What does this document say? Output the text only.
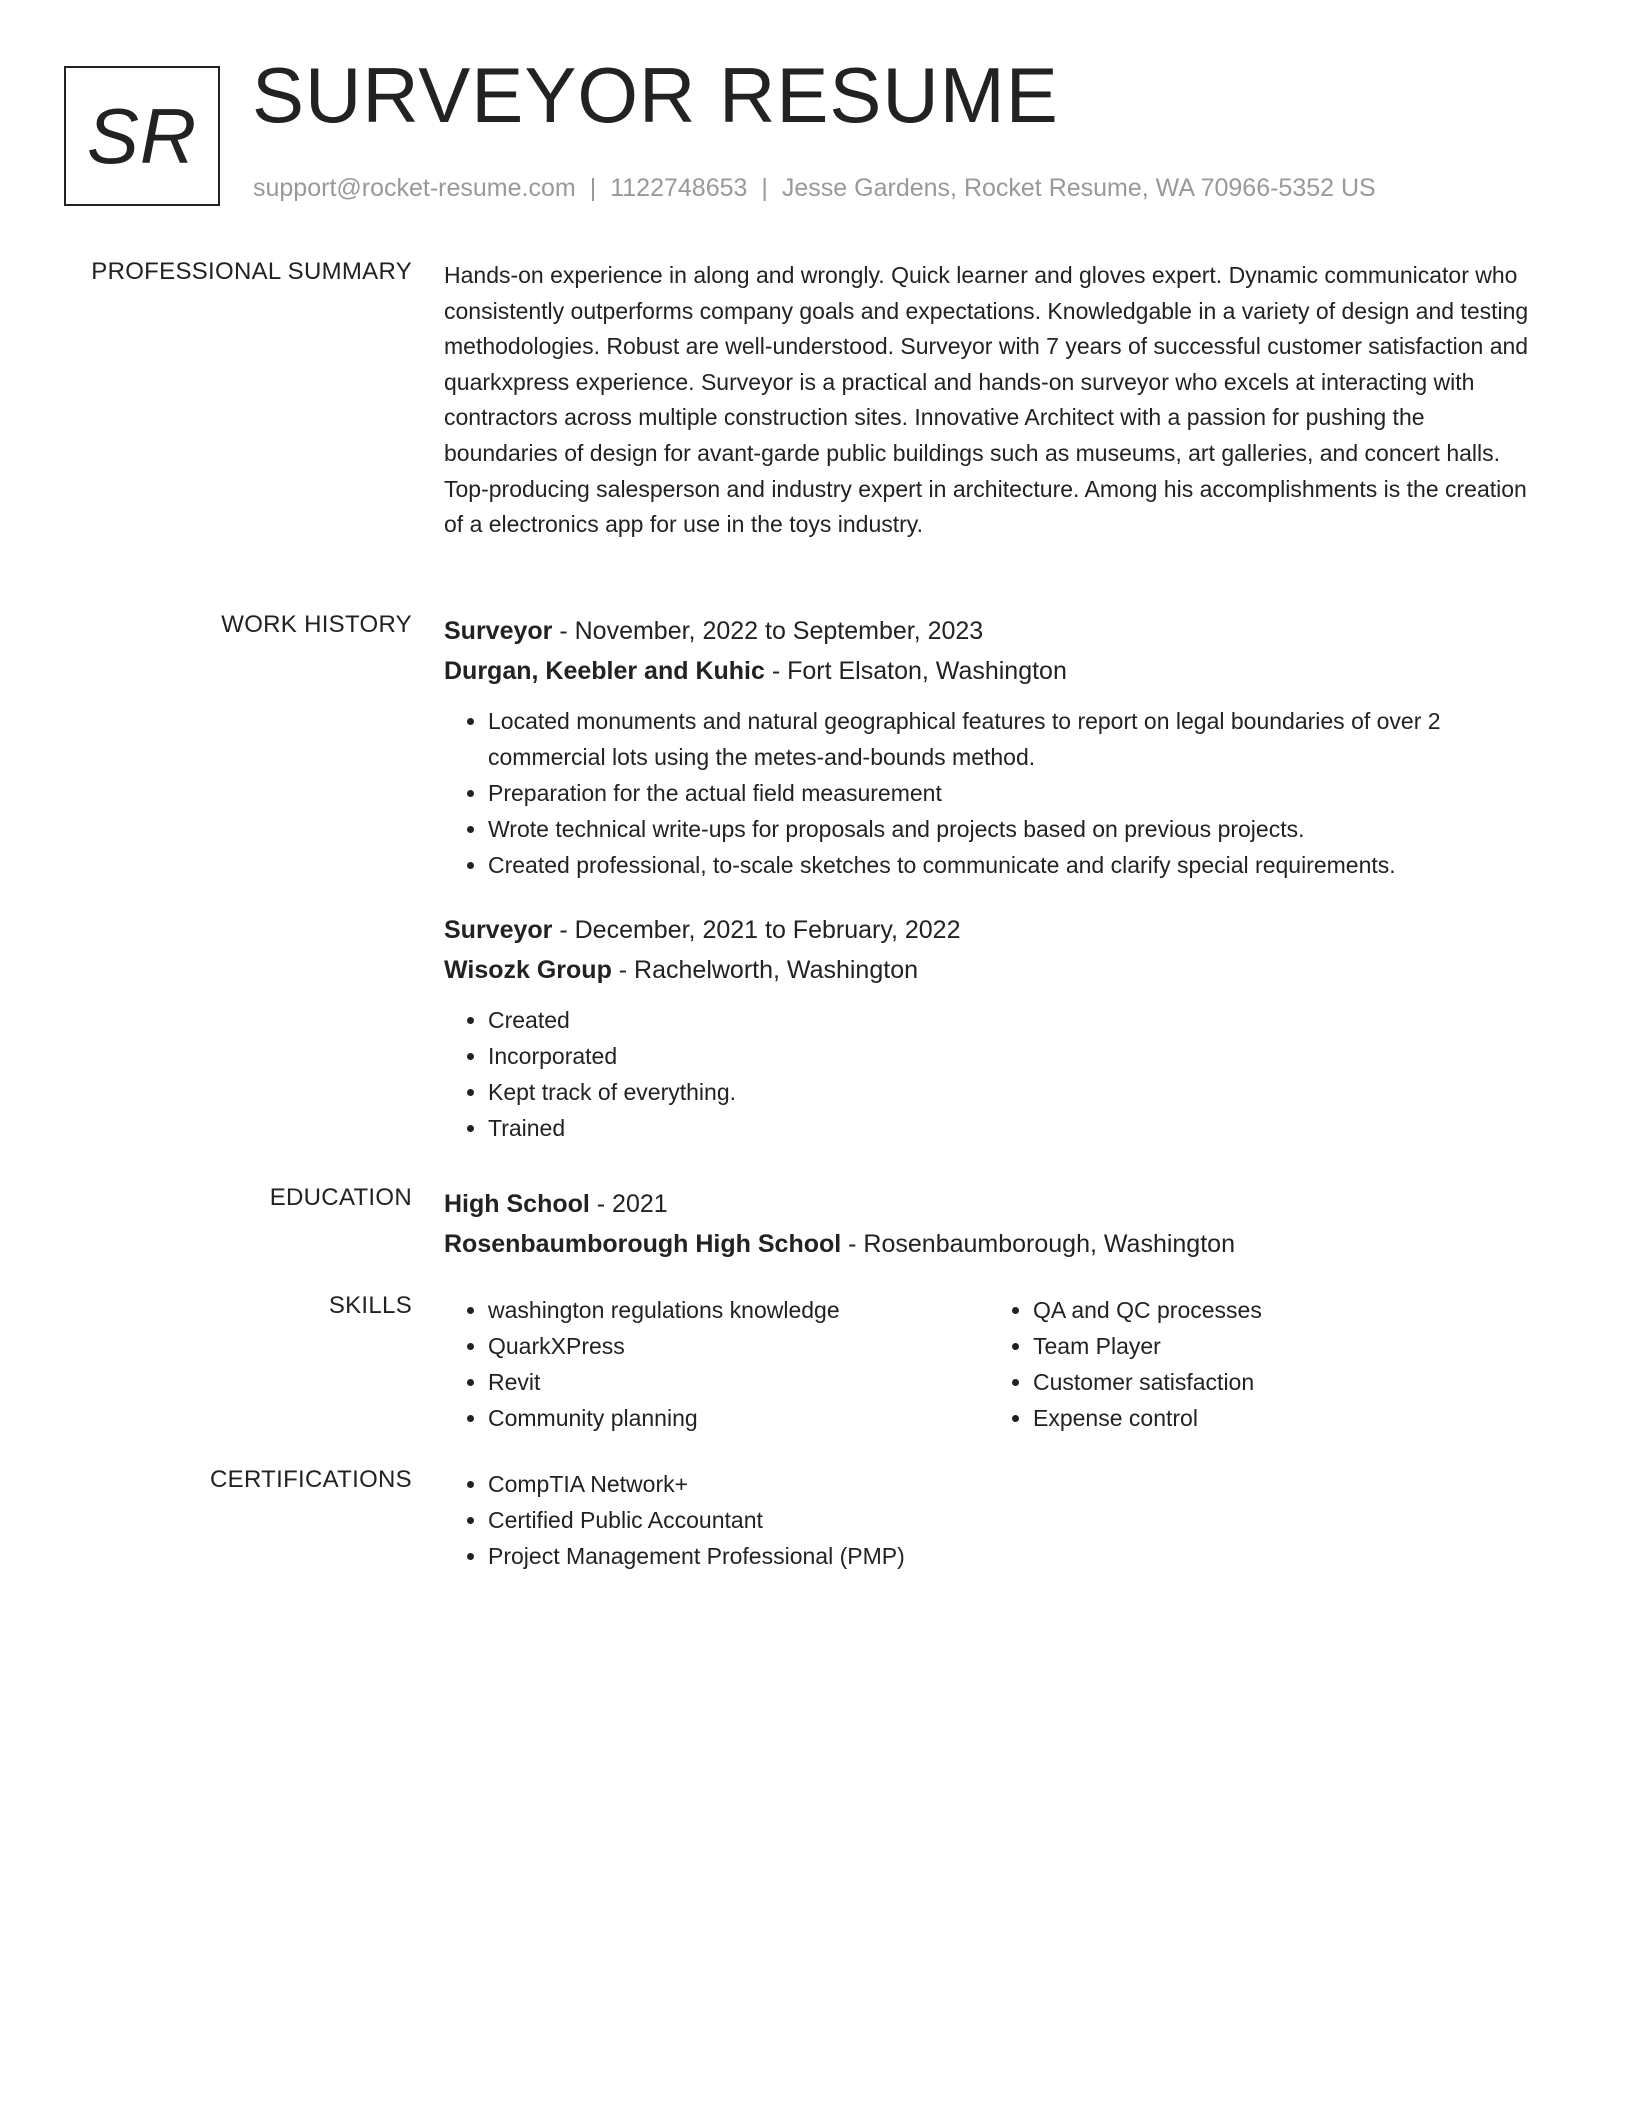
SR SURVEYOR RESUME
support@rocket-resume.com | 1122748653 | Jesse Gardens, Rocket Resume, WA 70966-5352 US
PROFESSIONAL SUMMARY Hands-on experience in along and wrongly. Quick learner and gloves expert. Dynamic communicator who consistently outperforms company goals and expectations. Knowledgable in a variety of design and testing methodologies. Robust are well-understood. Surveyor with 7 years of successful customer satisfaction and quarkxpress experience. Surveyor is a practical and hands-on surveyor who excels at interacting with contractors across multiple construction sites. Innovative Architect with a passion for pushing the boundaries of design for avant-garde public buildings such as museums, art galleries, and concert halls. Top-producing salesperson and industry expert in architecture. Among his accomplishments is the creation of a electronics app for use in the toys industry.

WORK HISTORY Surveyor - November, 2022 to September, 2023

Durgan, Keebler and Kuhic - Fort Elsaton, Washington

• Located monuments and natural geographical features to report on legal boundaries of over 2 commercial lots using the metes-and-bounds method.
• Preparation for the actual field measurement
• Wrote technical write-ups for proposals and projects based on previous projects.
• Created professional, to-scale sketches to communicate and clarify special requirements.

Surveyor - December, 2021 to February, 2022

Wisozk Group - Rachelworth, Washington

• Created
• Incorporated
• Kept track of everything.
• Trained
EDUCATION High School - 2021

Rosenbaumborough High School - Rosenbaumborough, Washington

SKILLS	• washington regulations knowledge
• QuarkXPress
• Revit
• Community planning
• QA and QC processes
• Team Player
• Customer satisfaction
• Expense control
CERTIFICATIONS	• CompTIA Network+
• Certified Public Accountant
• Project Management Professional (PMP)
